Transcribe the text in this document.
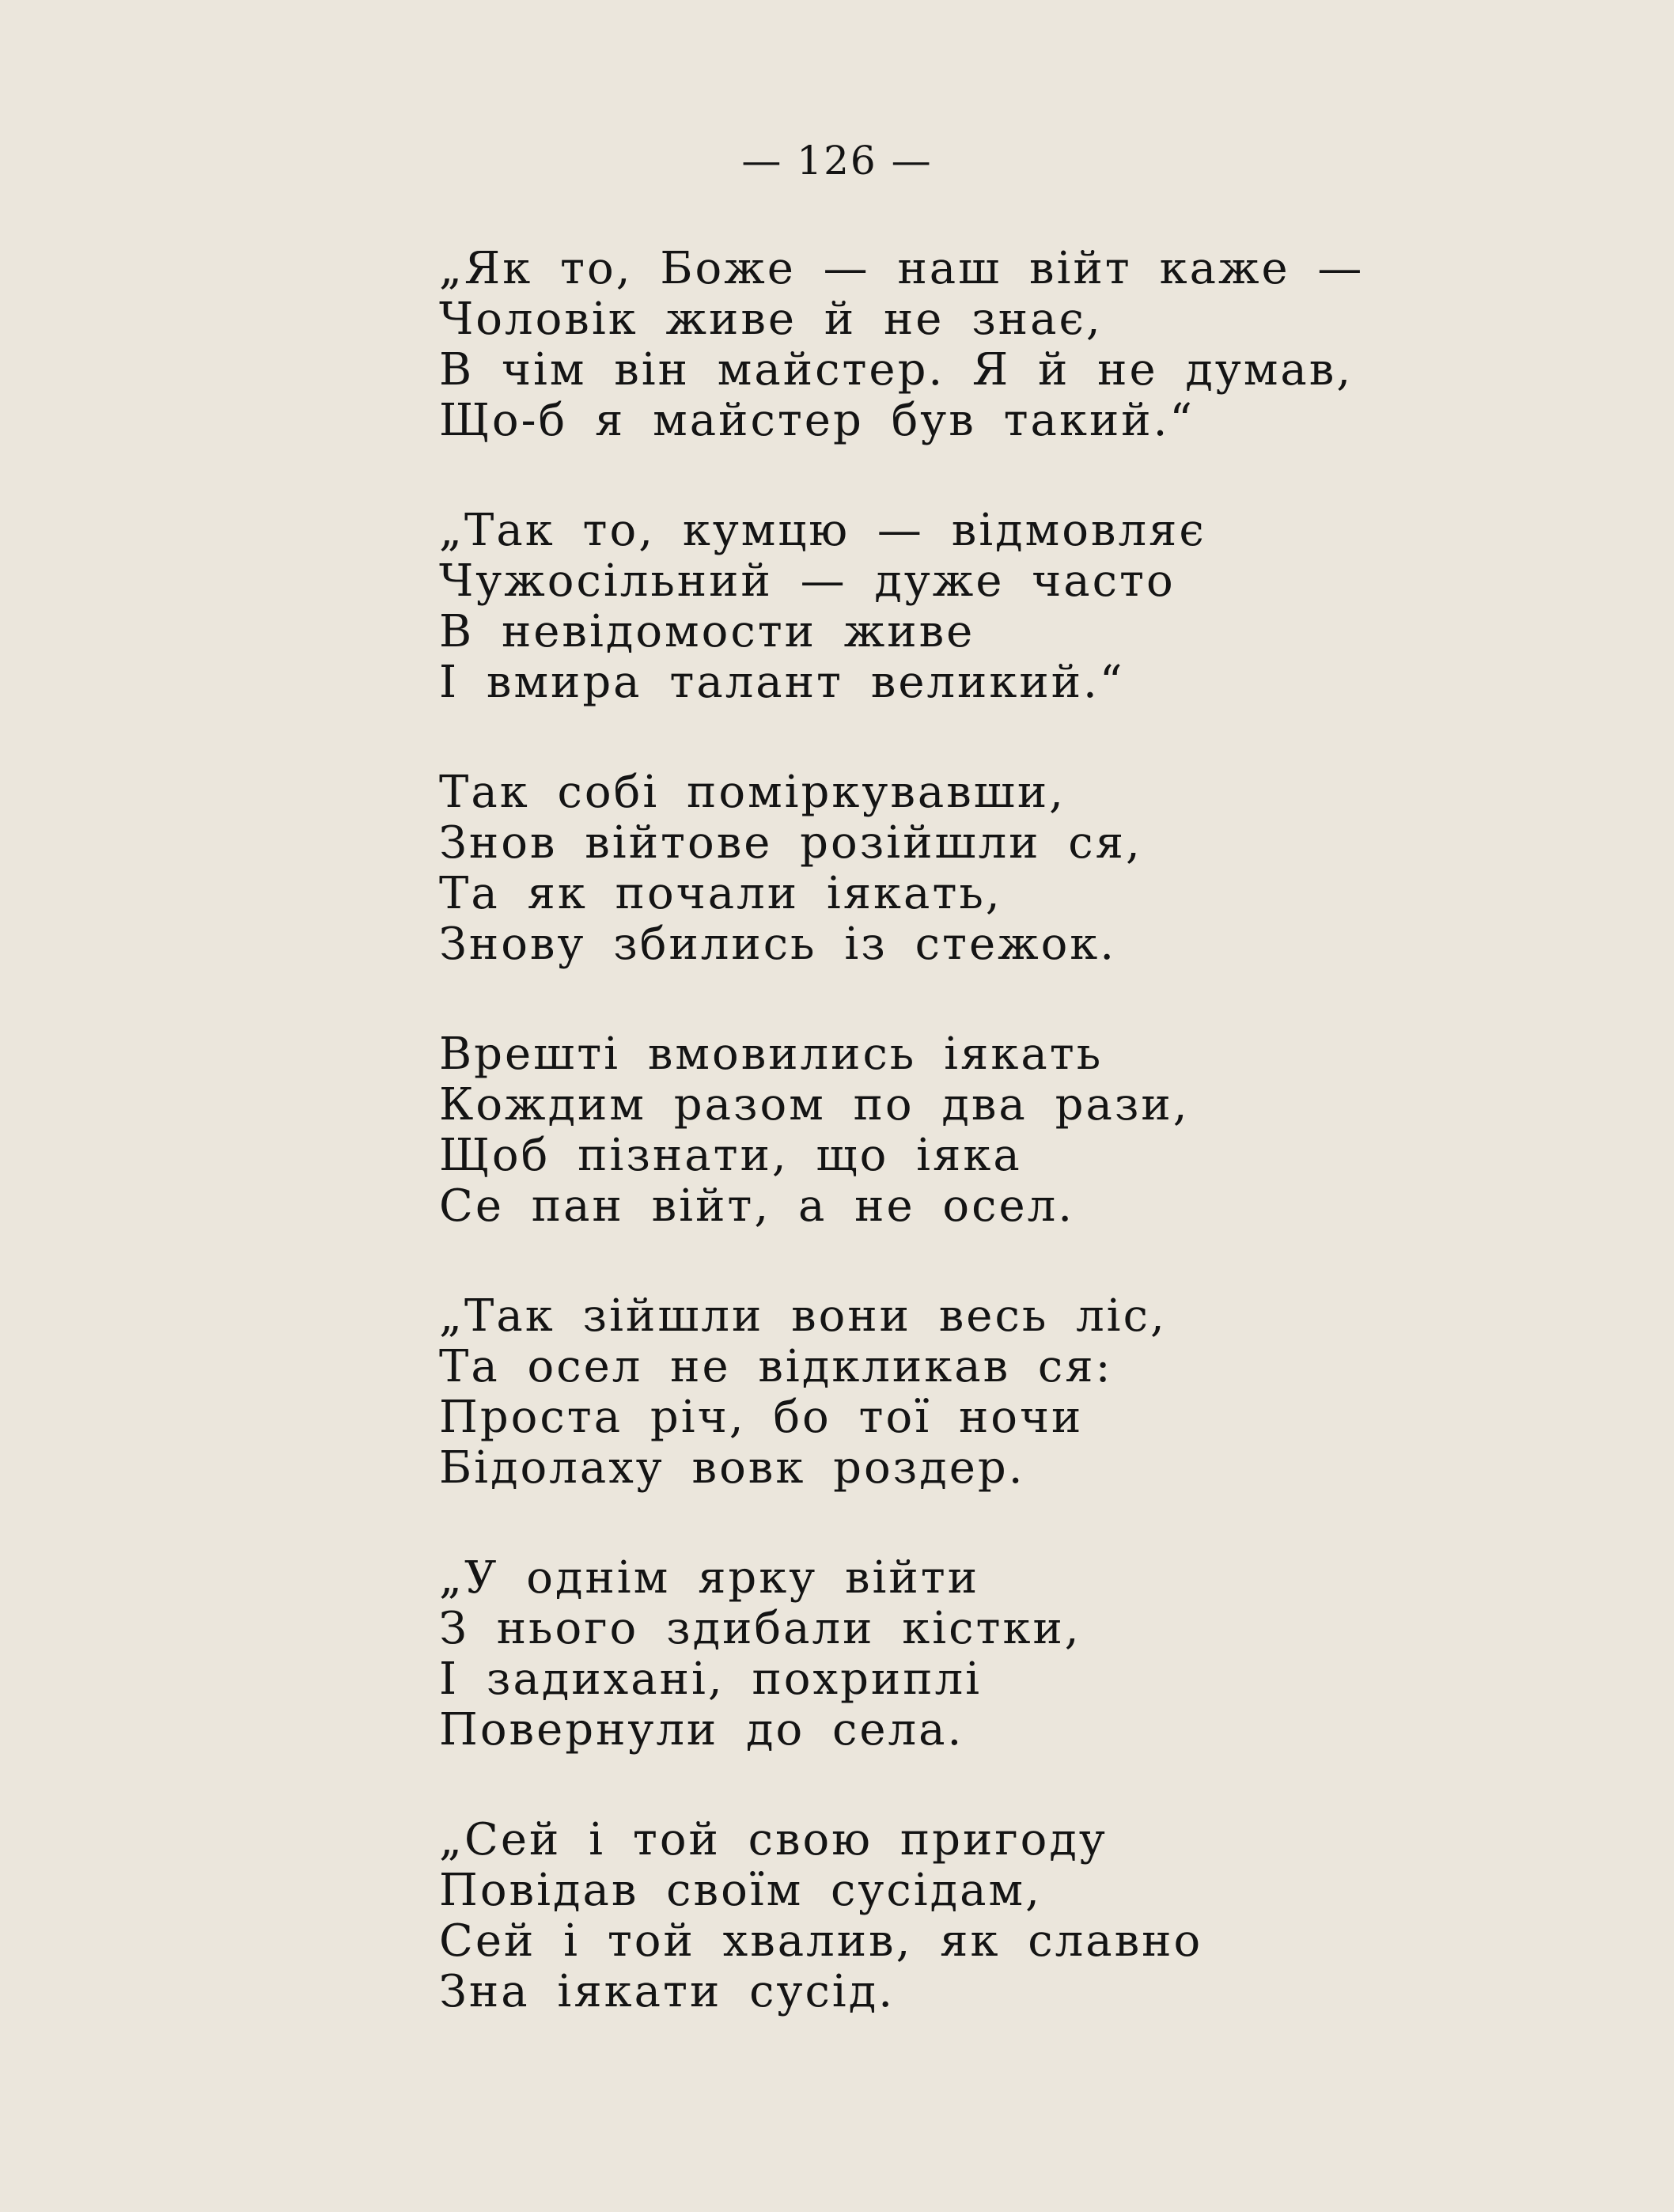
— 126 —
„Як то, Боже — наш війт каже —
Чоловік живе й не знає,
В чім він майстер. Я й не думав,
Що-б я майстер був такий.“
„Так то, кумцю — відмовляє
Чужосільний — дуже часто
В невідомости живе
І вмира талант великий.“
Так собі поміркувавши,
Знов війтове розійшли ся,
Та як почали іякать,
Знову збились із стежок.
Врешті вмовились іякать
Кождим разом по два рази,
Щоб пізнати, що іяка
Се пан війт, а не осел.
„Так зійшли вони весь ліс,
Та осел не відкликав ся:
Проста річ, бо тої ночи
Бідолаху вовк роздер.
„У однім ярку війти
З нього здибали кістки,
І задихані, похриплі
Повернули до села.
„Сей і той свою пригоду
Повідав своїм сусідам,
Сей і той хвалив, як славно
Зна іякати сусід.
